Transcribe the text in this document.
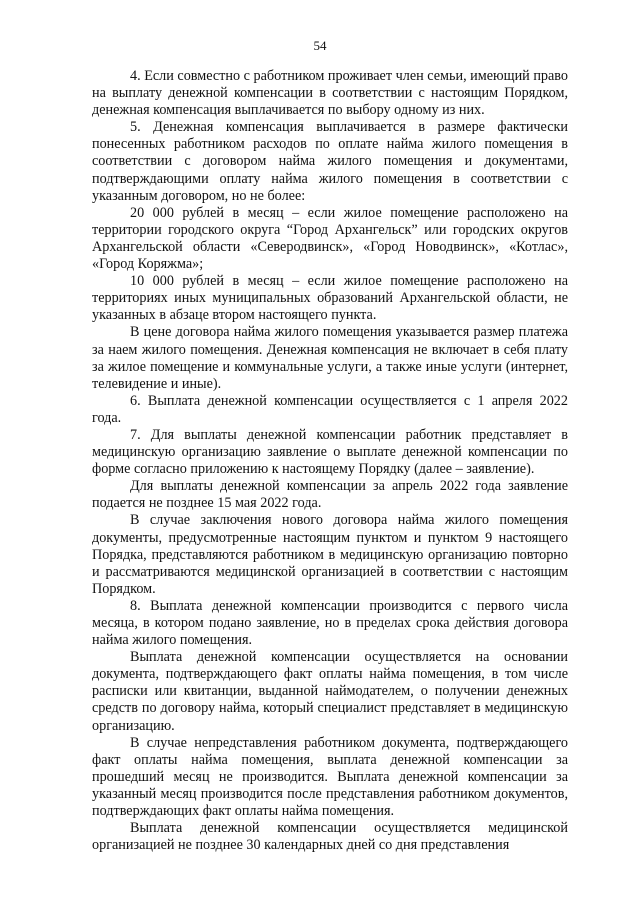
54

4. Если совместно с работником проживает член семьи, имеющий право на выплату денежной компенсации в соответствии с настоящим Порядком, денежная компенсация выплачивается по выбору одному из них.

5. Денежная компенсация выплачивается в размере фактически понесенных работником расходов по оплате найма жилого помещения в соответствии с договором найма жилого помещения и документами, подтверждающими оплату найма жилого помещения в соответствии с указанным договором, но не более:

20 000 рублей в месяц – если жилое помещение расположено на территории городского округа “Город Архангельск” или городских округов Архангельской области «Северодвинск», «Город Новодвинск», «Котлас», «Город Коряжма»;

10 000 рублей в месяц – если жилое помещение расположено на территориях иных муниципальных образований Архангельской области, не указанных в абзаце втором настоящего пункта.

В цене договора найма жилого помещения указывается размер платежа за наем жилого помещения. Денежная компенсация не включает в себя плату за жилое помещение и коммунальные услуги, а также иные услуги (интернет, телевидение и иные).

6. Выплата денежной компенсации осуществляется с 1 апреля 2022 года.

7. Для выплаты денежной компенсации работник представляет в медицинскую организацию заявление о выплате денежной компенсации по форме согласно приложению к настоящему Порядку (далее – заявление).

Для выплаты денежной компенсации за апрель 2022 года заявление подается не позднее 15 мая 2022 года.

В случае заключения нового договора найма жилого помещения документы, предусмотренные настоящим пунктом и пунктом 9 настоящего Порядка, представляются работником в медицинскую организацию повторно и рассматриваются медицинской организацией в соответствии с настоящим Порядком.

8. Выплата денежной компенсации производится с первого числа месяца, в котором подано заявление, но в пределах срока действия договора найма жилого помещения.

Выплата денежной компенсации осуществляется на основании документа, подтверждающего факт оплаты найма помещения, в том числе расписки или квитанции, выданной наймодателем, о получении денежных средств по договору найма, который специалист представляет в медицинскую организацию.

В случае непредставления работником документа, подтверждающего факт оплаты найма помещения, выплата денежной компенсации за прошедший месяц не производится. Выплата денежной компенсации за указанный месяц производится после представления работником документов, подтверждающих факт оплаты найма помещения.

Выплата денежной компенсации осуществляется медицинской организацией не позднее 30 календарных дней со дня представления
